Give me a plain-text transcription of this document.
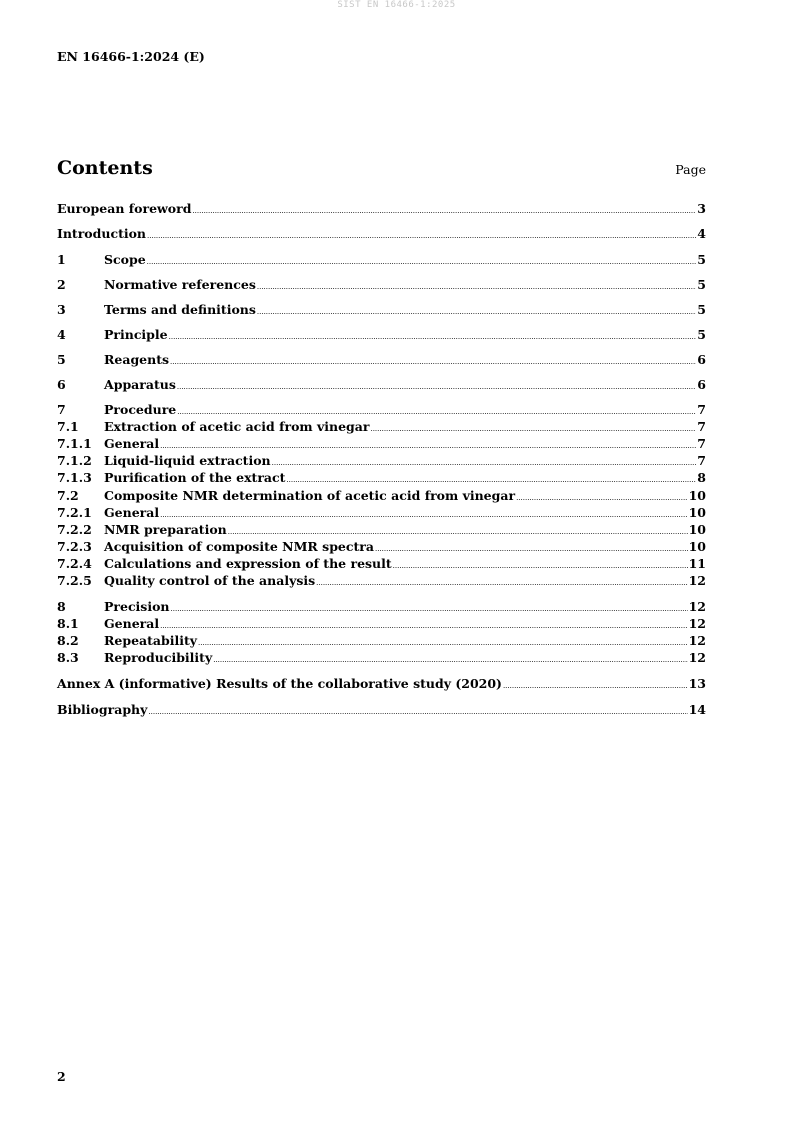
SIST EN 16466-1:2025
EN 16466-1:2024 (E)
Contents	Page
European foreword .....	3
Introduction .....	4
1	Scope .....	5
2	Normative references .....	5
3	Terms and definitions .....	5
4	Principle .....	5
5	Reagents .....	6
6	Apparatus .....	6
7	Procedure .....	7
7.1	Extraction of acetic acid from vinegar .....	7
7.1.1 General .....	7
7.1.2 Liquid-liquid extraction .....	7
7.1.3 Purification of the extract .....	8
7.2	Composite NMR determination of acetic acid from vinegar .....	10
7.2.1 General .....	10
7.2.2 NMR preparation .....	10
7.2.3 Acquisition of composite NMR spectra .....	10
7.2.4 Calculations and expression of the result .....	11
7.2.5 Quality control of the analysis .....	12
8	Precision .....	12
8.1	General .....	12
8.2	Repeatability .....	12
8.3	Reproducibility .....	12
Annex A (informative) Results of the collaborative study (2020) .....	13
Bibliography .....	14
2
